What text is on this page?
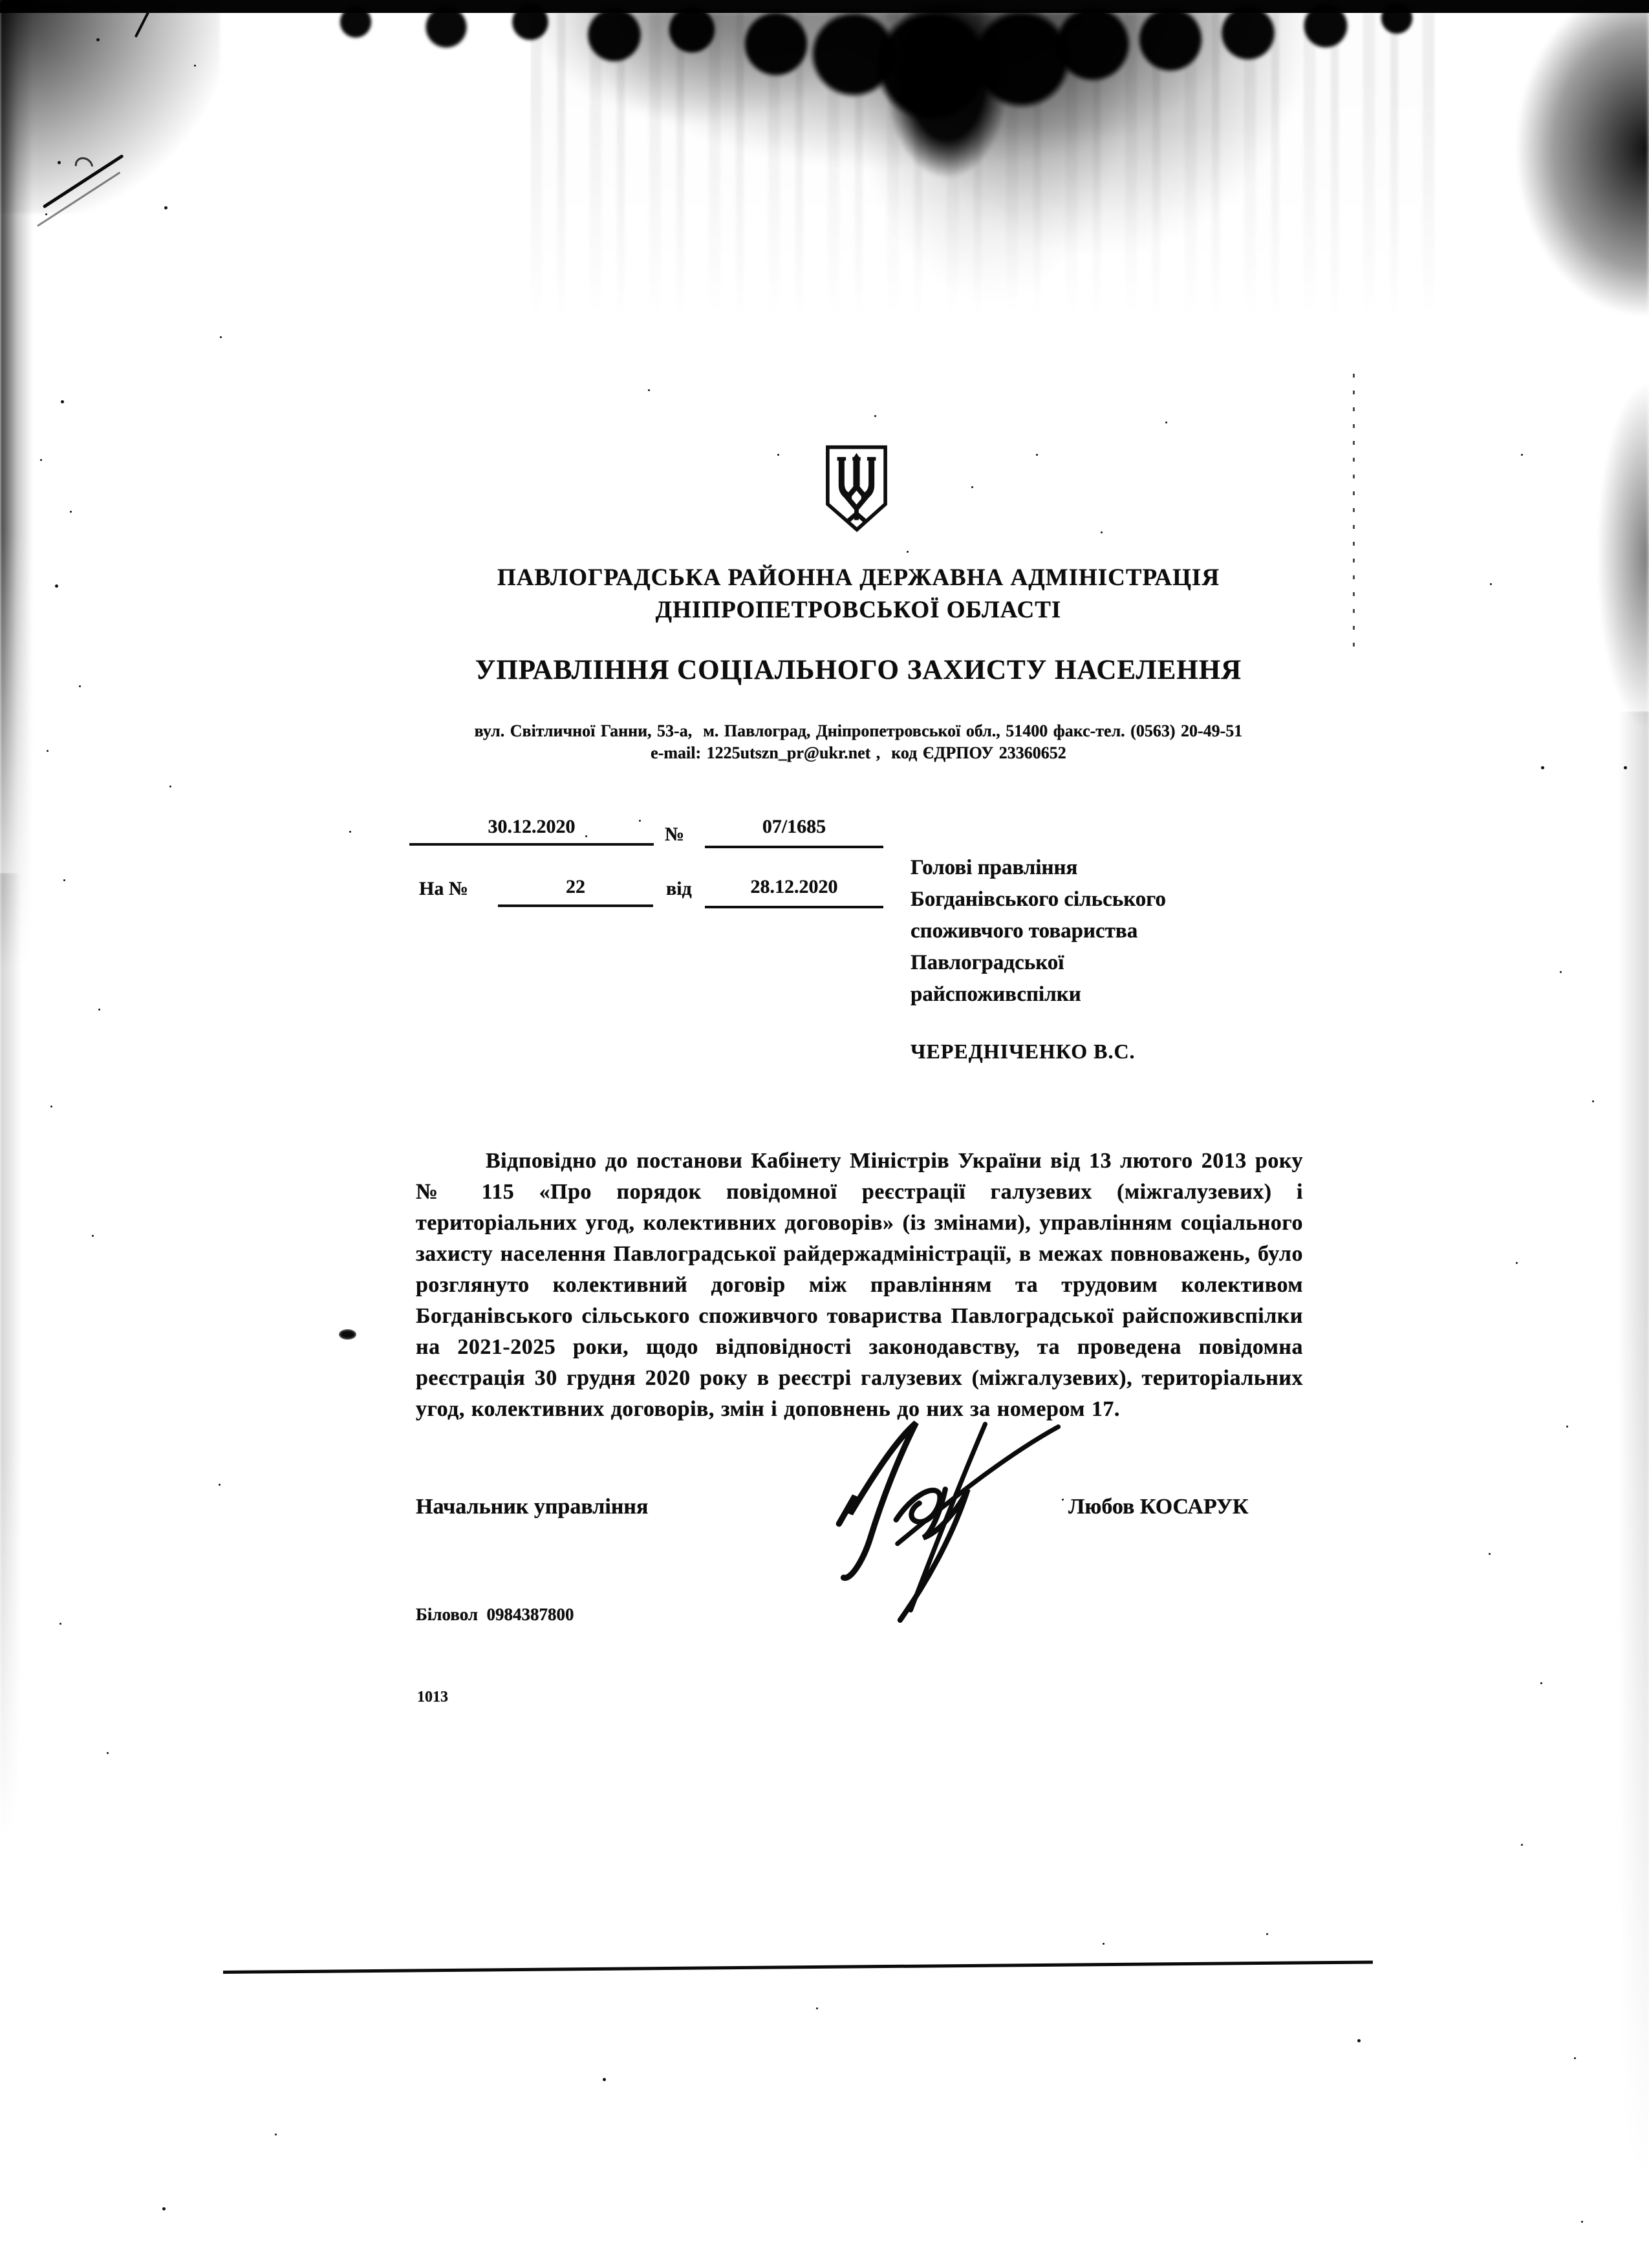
ПАВЛОГРАДСЬКА РАЙОННА ДЕРЖАВНА АДМІНІСТРАЦІЯ
ДНІПРОПЕТРОВСЬКОЇ ОБЛАСТІ
УПРАВЛІННЯ СОЦІАЛЬНОГО ЗАХИСТУ НАСЕЛЕННЯ
вул. Світличної Ганни, 53-а,  м. Павлоград, Дніпропетровської обл., 51400 факс-тел. (0563) 20-49-51
e-mail: 1225utszn_pr@ukr.net ,  код ЄДРПОУ 23360652
30.12.2020	№	07/1685
На №	22	від	28.12.2020
Голові правління
Богданівського сільського
споживчого товариства
Павлоградської
райспоживспілки
ЧЕРЕДНІЧЕНКО В.С.
Відповідно до постанови Кабінету Міністрів України від 13 лютого 2013 року № 115 «Про порядок повідомної реєстрації галузевих (міжгалузевих) і територіальних угод, колективних договорів» (із змінами), управлінням соціального захисту населення Павлоградської райдержадміністрації, в межах повноважень, було розглянуто колективний договір між правлінням та трудовим колективом Богданівського сільського споживчого товариства Павлоградської райспоживспілки на 2021-2025 роки, щодо відповідності законодавству, та проведена повідомна реєстрація 30 грудня 2020 року в реєстрі галузевих (міжгалузевих), територіальних угод, колективних договорів, змін і доповнень до них за номером 17.
Начальник управління	Любов КОСАРУК
Біловол  0984387800
1013
